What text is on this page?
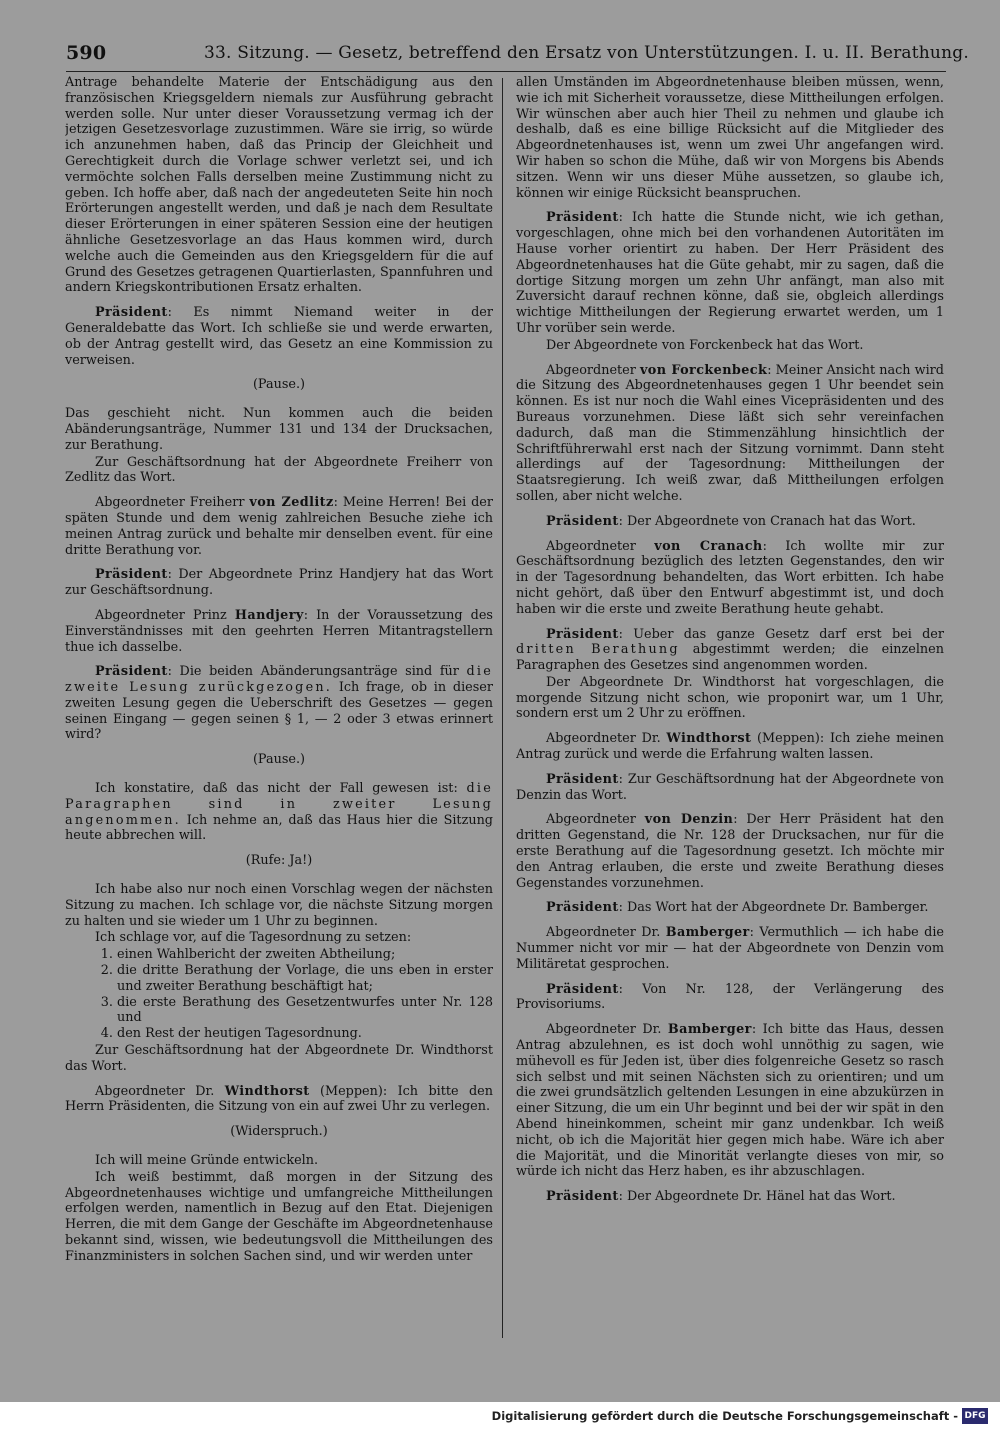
590	33. Sitzung. — Gesetz, betreffend den Ersatz von Unterstützungen. I. u. II. Berathung.

Antrage behandelte Materie der Entschädigung aus den französischen Kriegsgeldern niemals zur Ausführung gebracht werden solle. Nur unter dieser Voraussetzung vermag ich der jetzigen Gesetzesvorlage zuzustimmen. Wäre sie irrig, so würde ich anzunehmen haben, daß das Princip der Gleichheit und Gerechtigkeit durch die Vorlage schwer verletzt sei, und ich vermöchte solchen Falls derselben meine Zustimmung nicht zu geben. Ich hoffe aber, daß nach der angedeuteten Seite hin noch Erörterungen angestellt werden, und daß je nach dem Resultate dieser Erörterungen in einer späteren Session eine der heutigen ähnliche Gesetzesvorlage an das Haus kommen wird, durch welche auch die Gemeinden aus den Kriegsgeldern für die auf Grund des Gesetzes getragenen Quartierlasten, Spannfuhren und andern Kriegskontributionen Ersatz erhalten.

Präsident: Es nimmt Niemand weiter in der Generaldebatte das Wort. Ich schließe sie und werde erwarten, ob der Antrag gestellt wird, das Gesetz an eine Kommission zu verweisen.

(Pause.)

Das geschieht nicht. Nun kommen auch die beiden Abänderungsanträge, Nummer 131 und 134 der Drucksachen, zur Berathung.

Zur Geschäftsordnung hat der Abgeordnete Freiherr von Zedlitz das Wort.

Abgeordneter Freiherr von Zedlitz: Meine Herren! Bei der späten Stunde und dem wenig zahlreichen Besuche ziehe ich meinen Antrag zurück und behalte mir denselben event. für eine dritte Berathung vor.

Präsident: Der Abgeordnete Prinz Handjery hat das Wort zur Geschäftsordnung.

Abgeordneter Prinz Handjery: In der Voraussetzung des Einverständnisses mit den geehrten Herren Mitantragstellern thue ich dasselbe.

Präsident: Die beiden Abänderungsanträge sind für die zweite Lesung zurückgezogen. Ich frage, ob in dieser zweiten Lesung gegen die Ueberschrift des Gesetzes — gegen seinen Eingang — gegen seinen § 1, — 2 oder 3 etwas erinnert wird?

(Pause.)

Ich konstatire, daß das nicht der Fall gewesen ist: die Paragraphen sind in zweiter Lesung angenommen. Ich nehme an, daß das Haus hier die Sitzung heute abbrechen will.

(Rufe: Ja!)

Ich habe also nur noch einen Vorschlag wegen der nächsten Sitzung zu machen. Ich schlage vor, die nächste Sitzung morgen zu halten und sie wieder um 1 Uhr zu beginnen.

Ich schlage vor, auf die Tagesordnung zu setzen:

1. einen Wahlbericht der zweiten Abtheilung;
2. die dritte Berathung der Vorlage, die uns eben in erster und zweiter Berathung beschäftigt hat;
3. die erste Berathung des Gesetzentwurfes unter Nr. 128 und
4. den Rest der heutigen Tagesordnung.

Zur Geschäftsordnung hat der Abgeordnete Dr. Windthorst das Wort.

Abgeordneter Dr. Windthorst (Meppen): Ich bitte den Herrn Präsidenten, die Sitzung von ein auf zwei Uhr zu verlegen.

(Widerspruch.)

Ich will meine Gründe entwickeln.

Ich weiß bestimmt, daß morgen in der Sitzung des Abgeordnetenhauses wichtige und umfangreiche Mittheilungen erfolgen werden, namentlich in Bezug auf den Etat. Diejenigen Herren, die mit dem Gange der Geschäfte im Abgeordnetenhause bekannt sind, wissen, wie bedeutungsvoll die Mittheilungen des Finanzministers in solchen Sachen sind, und wir werden unter

allen Umständen im Abgeordnetenhause bleiben müssen, wenn, wie ich mit Sicherheit voraussetze, diese Mittheilungen erfolgen. Wir wünschen aber auch hier Theil zu nehmen und glaube ich deshalb, daß es eine billige Rücksicht auf die Mitglieder des Abgeordnetenhauses ist, wenn um zwei Uhr angefangen wird. Wir haben so schon die Mühe, daß wir von Morgens bis Abends sitzen. Wenn wir uns dieser Mühe aussetzen, so glaube ich, können wir einige Rücksicht beanspruchen.

Präsident: Ich hatte die Stunde nicht, wie ich gethan, vorgeschlagen, ohne mich bei den vorhandenen Autoritäten im Hause vorher orientirt zu haben. Der Herr Präsident des Abgeordnetenhauses hat die Güte gehabt, mir zu sagen, daß die dortige Sitzung morgen um zehn Uhr anfängt, man also mit Zuversicht darauf rechnen könne, daß sie, obgleich allerdings wichtige Mittheilungen der Regierung erwartet werden, um 1 Uhr vorüber sein werde.

Der Abgeordnete von Forckenbeck hat das Wort.

Abgeordneter von Forckenbeck: Meiner Ansicht nach wird die Sitzung des Abgeordnetenhauses gegen 1 Uhr beendet sein können. Es ist nur noch die Wahl eines Vicepräsidenten und des Bureaus vorzunehmen. Diese läßt sich sehr vereinfachen dadurch, daß man die Stimmenzählung hinsichtlich der Schriftführerwahl erst nach der Sitzung vornimmt. Dann steht allerdings auf der Tagesordnung: Mittheilungen der Staatsregierung. Ich weiß zwar, daß Mittheilungen erfolgen sollen, aber nicht welche.

Präsident: Der Abgeordnete von Cranach hat das Wort.

Abgeordneter von Cranach: Ich wollte mir zur Geschäftsordnung bezüglich des letzten Gegenstandes, den wir in der Tagesordnung behandelten, das Wort erbitten. Ich habe nicht gehört, daß über den Entwurf abgestimmt ist, und doch haben wir die erste und zweite Berathung heute gehabt.

Präsident: Ueber das ganze Gesetz darf erst bei der dritten Berathung abgestimmt werden; die einzelnen Paragraphen des Gesetzes sind angenommen worden.

Der Abgeordnete Dr. Windthorst hat vorgeschlagen, die morgende Sitzung nicht schon, wie proponirt war, um 1 Uhr, sondern erst um 2 Uhr zu eröffnen.

Abgeordneter Dr. Windthorst (Meppen): Ich ziehe meinen Antrag zurück und werde die Erfahrung walten lassen.

Präsident: Zur Geschäftsordnung hat der Abgeordnete von Denzin das Wort.

Abgeordneter von Denzin: Der Herr Präsident hat den dritten Gegenstand, die Nr. 128 der Drucksachen, nur für die erste Berathung auf die Tagesordnung gesetzt. Ich möchte mir den Antrag erlauben, die erste und zweite Berathung dieses Gegenstandes vorzunehmen.

Präsident: Das Wort hat der Abgeordnete Dr. Bamberger.

Abgeordneter Dr. Bamberger: Vermuthlich — ich habe die Nummer nicht vor mir — hat der Abgeordnete von Denzin vom Militäretat gesprochen.

Präsident: Von Nr. 128, der Verlängerung des Provisoriums.

Abgeordneter Dr. Bamberger: Ich bitte das Haus, dessen Antrag abzulehnen, es ist doch wohl unnöthig zu sagen, wie mühevoll es für Jeden ist, über dies folgenreiche Gesetz so rasch sich selbst und mit seinen Nächsten sich zu orientiren; und um die zwei grundsätzlich geltenden Lesungen in eine abzukürzen in einer Sitzung, die um ein Uhr beginnt und bei der wir spät in den Abend hineinkommen, scheint mir ganz undenkbar. Ich weiß nicht, ob ich die Majorität hier gegen mich habe. Wäre ich aber die Majorität, und die Minorität verlangte dieses von mir, so würde ich nicht das Herz haben, es ihr abzuschlagen.

Präsident: Der Abgeordnete Dr. Hänel hat das Wort.

Digitalisierung gefördert durch die Deutsche Forschungsgemeinschaft - DFG
